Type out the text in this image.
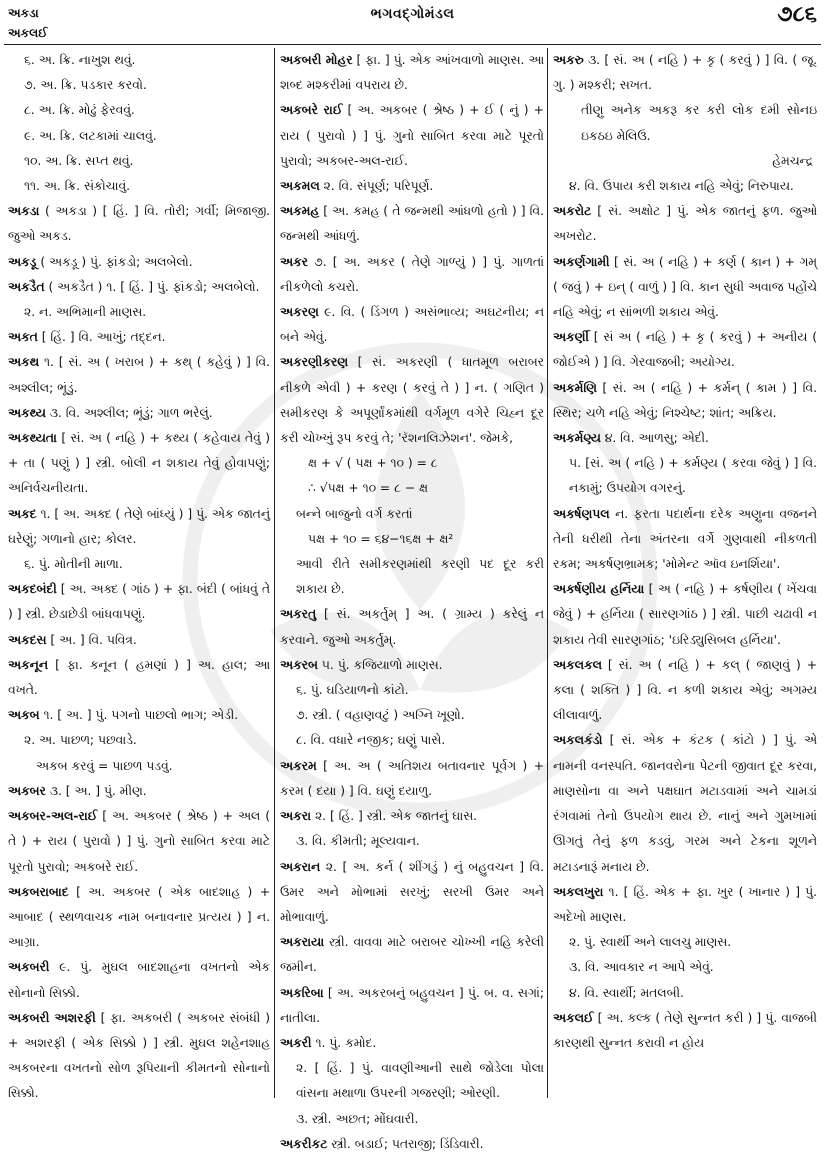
અકડા
અકલઈ
ભગવદ્ગોમંડલ	૭૮૬

૬. અ. ક્રિ. નાખુશ થવું.

૭. અ. ક્રિ. પડકાર કરવો.

૮. અ. ક્રિ. મોઢું ફેરવવું.

૯. અ. ક્રિ. લટકામાં ચાલવું.

૧૦. અ. ક્રિ. સપ્ત થવું.

૧૧. અ. ક્રિ. સંકોચાવું.

અકડા ( અકડા ) [ હિં. ] વિ. તોરી; ગર્વી; મિજાજી. જુઓ અકડ.

અકડૂ ( અકડૂ ) પું. ફાંકડો; અલબેલો.

અકડૈત ( અકડૈત ) ૧. [ હિં. ] પું. ફાંકડો; અલબેલો.

૨. ન. અભિમાની માણસ.

અકત [ હિં. ] વિ. આખું; તદ્દન.

અકથ ૧. [ સં. અ ( ખરાબ ) + કથ્ ( કહેવું ) ] વિ. અશ્લીલ; ભૂંડું.

અકથ્ય ૩. વિ. અશ્લીલ; ભૂંડું; ગાળ ભરેલું.

અકથ્યતા [ સં. અ ( નહિ ) + કથ્ય ( કહેવાય તેવું ) + તા ( પણું ) ] સ્ત્રી. બોલી ન શકાય તેવું હોવાપણું; અનિર્વચનીયતા.

અકદ ૧. [ અ. અક્દ ( તેણે બાંધ્યું ) ] પું. એક જાતનું ઘરેણું; ગળાનો હાર; કોલર.

૬. પું. મોતીની માળા.

અકદબંદી [ અ. અક્દ ( ગાંઠ ) + ફા. બંદી ( બાંધવું તે ) ] સ્ત્રી. છેડાછેડી બાંધવાપણું.

અકદસ [ અ. ] વિ. પવિત્ર.

અકનૂન [ ફા. કનૂન ( હમણાં ) ] અ. હાલ; આ વખતે.

અકબ ૧. [ અ. ] પું. પગનો પાછલો ભાગ; એડી.

૨. અ. પાછળ; પછવાડે.

અકબ કરવું = પાછળ પડવું.

અકબર ૩. [ અ. ] પું. મીણ.

અકબર-અલ-રાઈ [ અ. અકબર ( શ્રેષ્ઠ ) + અલ ( તે ) + રાય ( પુરાવો ) ] પું. ગુનો સાબિત કરવા માટે પૂરતો પુરાવો; અકબરે રાઈ.

અકબરાબાદ [ અ. અકબર ( એક બાદશાહ ) + આબાદ ( સ્થળવાચક નામ બનાવનાર પ્રત્યય ) ] ન. આગ્રા.

અકબરી ૯. પું. મુઘલ બાદશાહના વખતનો એક સોનાનો સિક્કો.

અકબરી અશરફી [ ફા. અકબરી ( અકબર સંબંધી ) + અશરફી ( એક સિક્કો ) ] સ્ત્રી. મુઘલ શહેનશાહ અકબરના વખતનો સોળ રૂપિયાની કીમતનો સોનાનો સિક્કો.

અકબરી મોહર [ ફા. ] પું. એક આંખવાળો માણસ. આ શબ્દ મશ્કરીમાં વપરાય છે.

અકબરે રાઈ [ અ. અકબર ( શ્રેષ્ઠ ) + ઈ ( નું ) + રાય ( પુરાવો ) ] પું. ગુનો સાબિત કરવા માટે પૂરતો પુરાવો; અકબર-અલ-રાઈ.

અકમલ ૨. વિ. સંપૂર્ણ; પરિપૂર્ણ.

અકમહ [ અ. કમહ ( તે જન્મથી આંધળો હતો ) ] વિ. જન્મથી આંધળું.

અકર ૭. [ અ. અકર ( તેણે ગાળ્યું ) ] પું. ગાળતાં નીકળેલો કચરો.

અકરણ ૯. વિ. ( ડિંગળ ) અસંભાવ્ય; અઘટનીય; ન બને એવું.

અકરણીકરણ [ સં. અકરણી ( ધાતમૂળ બરાબર નીકળે એવી ) + કરણ ( કરવું તે ) ] ન. ( ગણિત ) સમીકરણ કે અપૂર્ણાંકમાંથી વર્ગમૂળ વગેરે ચિહ્ન દૂર કરી ચોખ્ખું રૂપ કરવું તે; 'રૅશનલિઝેશન'. જેમકે,

ક્ષ + √ ( પક્ષ + ૧૦ ) = ૮

∴ √પક્ષ + ૧૦ = ૮ − ક્ષ

બન્ને બાજુનો વર્ગ કરતાં

પક્ષ + ૧૦ = ૬૪−૧૬ક્ષ + ક્ષ²

આવી રીતે સમીકરણમાંથી કરણી પદ દૂર કરી શકાય છે.

અકરતુ [ સં. અકર્તુમ્ ] અ. ( ગ્રામ્ય ) કરેલું ન કરવાને. જુઓ અકર્તુમ્.

અકરબ ૫. પું. કજિયાળો માણસ.

૬. પું. ઘડિયાળનો કાંટો.

૭. સ્ત્રી. ( વહાણવટું ) અગ્નિ ખૂણો.

૮. વિ. વધારે નજીક; ઘણું પાસે.

અકરમ [ અ. અ ( અતિશય બતાવનાર પૂર્વગ ) + કરમ ( દયા ) ] વિ. ઘણું દયાળુ.

અકરા ૨. [ હિં. ] સ્ત્રી. એક જાતનું ઘાસ.

૩. વિ. કીમતી; મૂલ્યવાન.

અકરાન ૨. [ અ. કર્ન ( શીંગડું ) નું બહુવચન ] વિ. ઉમર અને મોભામાં સરખું; સરખી ઉમર અને મોભાવાળું.

અકરાયા સ્ત્રી. વાવવા માટે બરાબર ચોખ્ખી નહિ કરેલી જમીન.

અકરિબા [ અ. અકરબનું બહુવચન ] પું. બ. વ. સગાં; નાતીલા.

અકરી ૧. પું. કમોદ.

૨. [ હિં. ] પું. વાવણીઆની સાથે જોડેલા પોલા વાંસના મથાળા ઉપરની ગજરણી; ઓરણી.

૩. સ્ત્રી. અછત; મોંઘવારી.

અકરીકટ સ્ત્રી. બડાઈ; પતરાજી; ડિંડિવારી.

અકરુ ૩. [ સં. અ ( નહિ ) + કૃ ( કરવું ) ] વિ. ( જૂ. ગુ. ) મશ્કરી; સખત.

તીણુ અનેક અકરૂ કર કરી લોક દમી સોનઇ ઇકઠઇ મેલિઉ.

હેમચન્દ્ર

૪. વિ. ઉપાય કરી શકાય નહિ એવું; નિરુપાય.

અકરોટ [ સં. અક્ષોટ ] પું. એક જાતનું ફળ. જુઓ અખરોટ.

અકર્ણગામી [ સં. અ ( નહિ ) + કર્ણ ( કાન ) + ગમ્ ( જવું ) + ઇન્ ( વાળું ) ] વિ. કાન સુધી અવાજ પહોંચે નહિ એવું; ન સાંભળી શકાય એવું.

અકર્ણી [ સં અ ( નહિ ) + કૃ ( કરવું ) + અનીય ( જોઈએ ) ] વિ. ગેરવાજબી; અયોગ્ય.

અકર્મણિ [ સં. અ ( નહિ ) + કર્મન્ ( કામ ) ] વિ. સ્થિર; ચળે નહિ એવું; નિશ્ચેષ્ટ; શાંત; અક્રિય.

અકર્મણ્ય ૪. વિ. આળસુ; એદી.

૫. [સં. અ ( નહિ ) + કર્મણ્ય ( કરવા જેવું ) ] વિ. નકામું; ઉપયોગ વગરનું.

અકર્ષણપલ ન. ફરતા પદાર્થના દરેક અણુના વજનને તેની ધરીથી તેના અંતરના વર્ગે ગુણવાથી નીકળતી રકમ; અકર્ષણભ્રામક; 'મોમેન્ટ ઑવ ઇનર્શિયા'.

અકર્ષણીય હર્નિયા [ અ ( નહિ ) + કર્ષણીય ( ખેંચવા જેવું ) + હર્નિયા ( સારણગાંઠ ) ] સ્ત્રી. પાછી ચઢાવી ન શકાય તેવી સારણગાંઠ; 'ઇરિડ્યુસિબલ હર્નિયા'.

અકલકલ [ સં. અ ( નહિ ) + કલ્ ( જાણવું ) + કલા ( શક્તિ ) ] વિ. ન કળી શકાય એવું; અગમ્ય લીલાવાળું.

અકલકંડો [ સં. એક + કંટક ( કાંટો ) ] પું. એ નામની વનસ્પતિ. જાનવરોના પેટની જીવાત દૂર કરવા, માણસોના વા અને પક્ષઘાત મટાડવામાં અને ચામડાં રંગવામાં તેનો ઉપયોગ થાય છે. નાનું અને ગુમખામાં ઊગતું તેનું ફળ કડવું, ગરમ અને ટેકના શૂળને મટાડનારૂં મનાય છે.

અકલખુરા ૧. [ હિં. એક + ફા. ખુર ( ખાનાર ) ] પું. અદેખો માણસ.

૨. પું. સ્વાર્થી અને લાલચુ માણસ.

૩. વિ. આવકાર ન આપે એવું.

૪. વિ. સ્વાર્થી; મતલબી.

અકલઈ [ અ. કલ્ક ( તેણે સુન્નત કરી ) ] પું. વાજબી કારણથી સુન્નત કરાવી ન હોય
